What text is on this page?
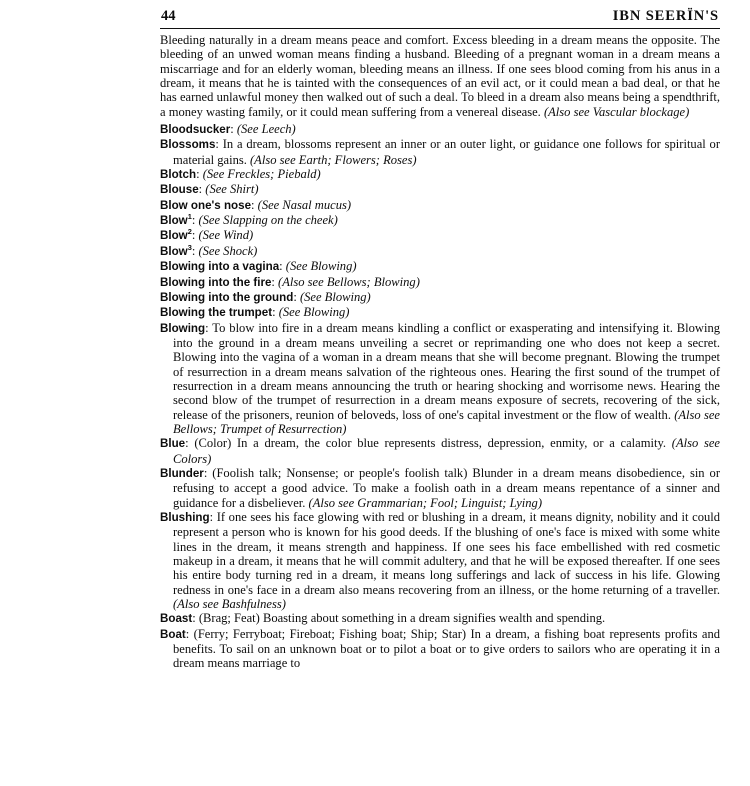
44	IBN SEERÏN'S

Bleeding naturally in a dream means peace and comfort. Excess bleeding in a dream means the opposite. The bleeding of an unwed woman means finding a husband. Bleeding of a pregnant woman in a dream means a miscarriage and for an elderly woman, bleeding means an illness. If one sees blood coming from his anus in a dream, it means that he is tainted with the consequences of an evil act, or it could mean a bad deal, or that he has earned unlawful money then walked out of such a deal. To bleed in a dream also means being a spendthrift, a money wasting family, or it could mean suffering from a venereal disease. (Also see Vascular blockage)

Bloodsucker: (See Leech)

Blossoms: In a dream, blossoms represent an inner or an outer light, or guidance one follows for spiritual or material gains. (Also see Earth; Flowers; Roses)

Blotch: (See Freckles; Piebald)

Blouse: (See Shirt)

Blow one's nose: (See Nasal mucus)

Blow$^1$: (See Slapping on the cheek)

Blow$^2$: (See Wind)

Blow$^3$: (See Shock)

Blowing into a vagina: (See Blowing)

Blowing into the fire: (Also see Bellows; Blowing)

Blowing into the ground: (See Blowing)

Blowing the trumpet: (See Blowing)

Blowing: To blow into fire in a dream means kindling a conflict or exasperating and intensifying it. Blowing into the ground in a dream means unveiling a secret or reprimanding one who does not keep a secret. Blowing into the vagina of a woman in a dream means that she will become pregnant. Blowing the trumpet of resurrection in a dream means salvation of the righteous ones. Hearing the first sound of the trumpet of resurrection in a dream means announcing the truth or hearing shocking and worrisome news. Hearing the second blow of the trumpet of resurrection in a dream means exposure of secrets, recovering of the sick, release of the prisoners, reunion of beloveds, loss of one's capital investment or the flow of wealth. (Also see Bellows; Trumpet of Resurrection)

Blue: (Color) In a dream, the color blue represents distress, depression, enmity, or a calamity. (Also see Colors)

Blunder: (Foolish talk; Nonsense; or people's foolish talk) Blunder in a dream means disobedience, sin or refusing to accept a good advice. To make a foolish oath in a dream means repentance of a sinner and guidance for a disbeliever. (Also see Grammarian; Fool; Linguist; Lying)

Blushing: If one sees his face glowing with red or blushing in a dream, it means dignity, nobility and it could represent a person who is known for his good deeds. If the blushing of one's face is mixed with some white lines in the dream, it means strength and happiness. If one sees his face embellished with red cosmetic makeup in a dream, it means that he will commit adultery, and that he will be exposed thereafter. If one sees his entire body turning red in a dream, it means long sufferings and lack of success in his life. Glowing redness in one's face in a dream also means recovering from an illness, or the home returning of a traveller. (Also see Bashfulness)

Boast: (Brag; Feat) Boasting about something in a dream signifies wealth and spending.

Boat: (Ferry; Ferryboat; Fireboat; Fishing boat; Ship; Star) In a dream, a fishing boat represents profits and benefits. To sail on an unknown boat or to pilot a boat or to give orders to sailors who are operating it in a dream means marriage to
